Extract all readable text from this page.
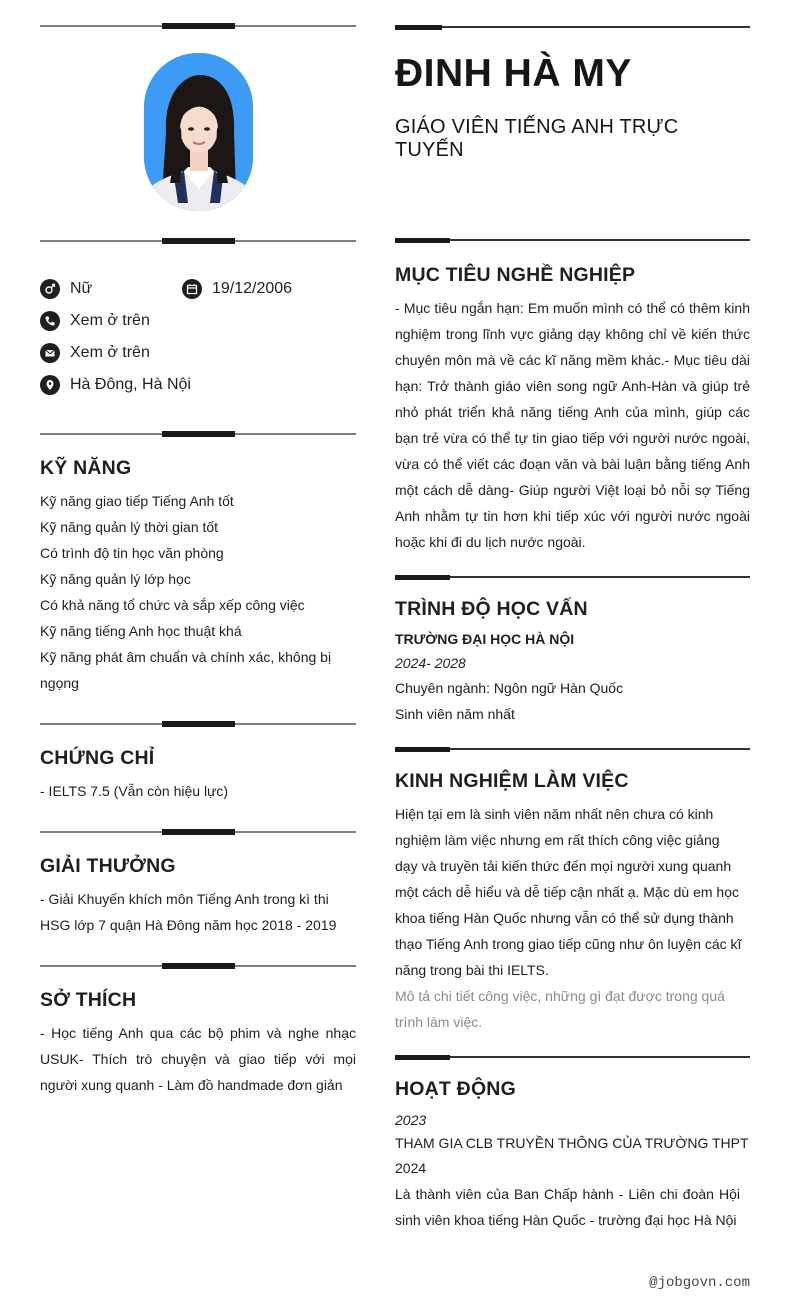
Nữ	19/12/2006
Xem ở trên
Xem ở trên
Hà Đông, Hà Nội
KỸ NĂNG
Kỹ năng giao tiếp Tiếng Anh tốt
Kỹ năng quản lý thời gian tốt
Có trình độ tin học văn phòng
Kỹ năng quản lý lớp học
Có khả năng tổ chức và sắp xếp công việc
Kỹ năng tiếng Anh học thuật khá
Kỹ năng phát âm chuẩn và chính xác, không bị
ngọng
CHỨNG CHỈ
- IELTS 7.5 (Vẫn còn hiệu lực)
GIẢI THƯỞNG
- Giải Khuyến khích môn Tiếng Anh trong kì thi HSG lớp 7 quận Hà Đông năm học 2018 - 2019
SỞ THÍCH
- Học tiếng Anh qua các bộ phim và nghe nhạc USUK- Thích trò chuyện và giao tiếp với mọi người xung quanh - Làm đồ handmade đơn giản
ĐINH HÀ MY
GIÁO VIÊN TIẾNG ANH TRỰC TUYẾN
MỤC TIÊU NGHỀ NGHIỆP
- Mục tiêu ngắn hạn: Em muốn mình có thể có thêm kinh nghiệm trong lĩnh vực giảng dạy không chỉ về kiến thức chuyên môn mà về các kĩ năng mềm khác.- Mục tiêu dài hạn: Trở thành giáo viên song ngữ Anh-Hàn và giúp trẻ nhỏ phát triển khả năng tiếng Anh của mình, giúp các bạn trẻ vừa có thể tự tin giao tiếp với người nước ngoài, vừa có thể viết các đoạn văn và bài luận bằng tiếng Anh một cách dễ dàng- Giúp người Việt loại bỏ nỗi sợ Tiếng Anh nhằm tự tin hơn khi tiếp xúc với người nước ngoài hoặc khi đi du lịch nước ngoài.
TRÌNH ĐỘ HỌC VẤN
TRƯỜNG ĐẠI HỌC HÀ NỘI
2024- 2028
Chuyên ngành: Ngôn ngữ Hàn Quốc
Sinh viên năm nhất
KINH NGHIỆM LÀM VIỆC
Hiện tại em là sinh viên năm nhất nên chưa có kinh nghiệm làm việc nhưng em rất thích công việc giảng dạy và truyền tải kiến thức đến mọi người xung quanh một cách dễ hiểu và dễ tiếp cận nhất ạ. Mặc dù em học khoa tiếng Hàn Quốc nhưng vẫn có thể sử dụng thành thạo Tiếng Anh trong giao tiếp cũng như ôn luyện các kĩ năng trong bài thi IELTS.
Mô tả chi tiết công việc, những gì đạt được trong quá trình làm việc.
HOẠT ĐỘNG
2023
THAM GIA CLB TRUYỀN THÔNG CỦA TRƯỜNG THPT
2024
Là thành viên của Ban Chấp hành - Liên chi đoàn Hội sinh viên khoa tiếng Hàn Quốc - trường đại học Hà Nội
@jobgovn.com
